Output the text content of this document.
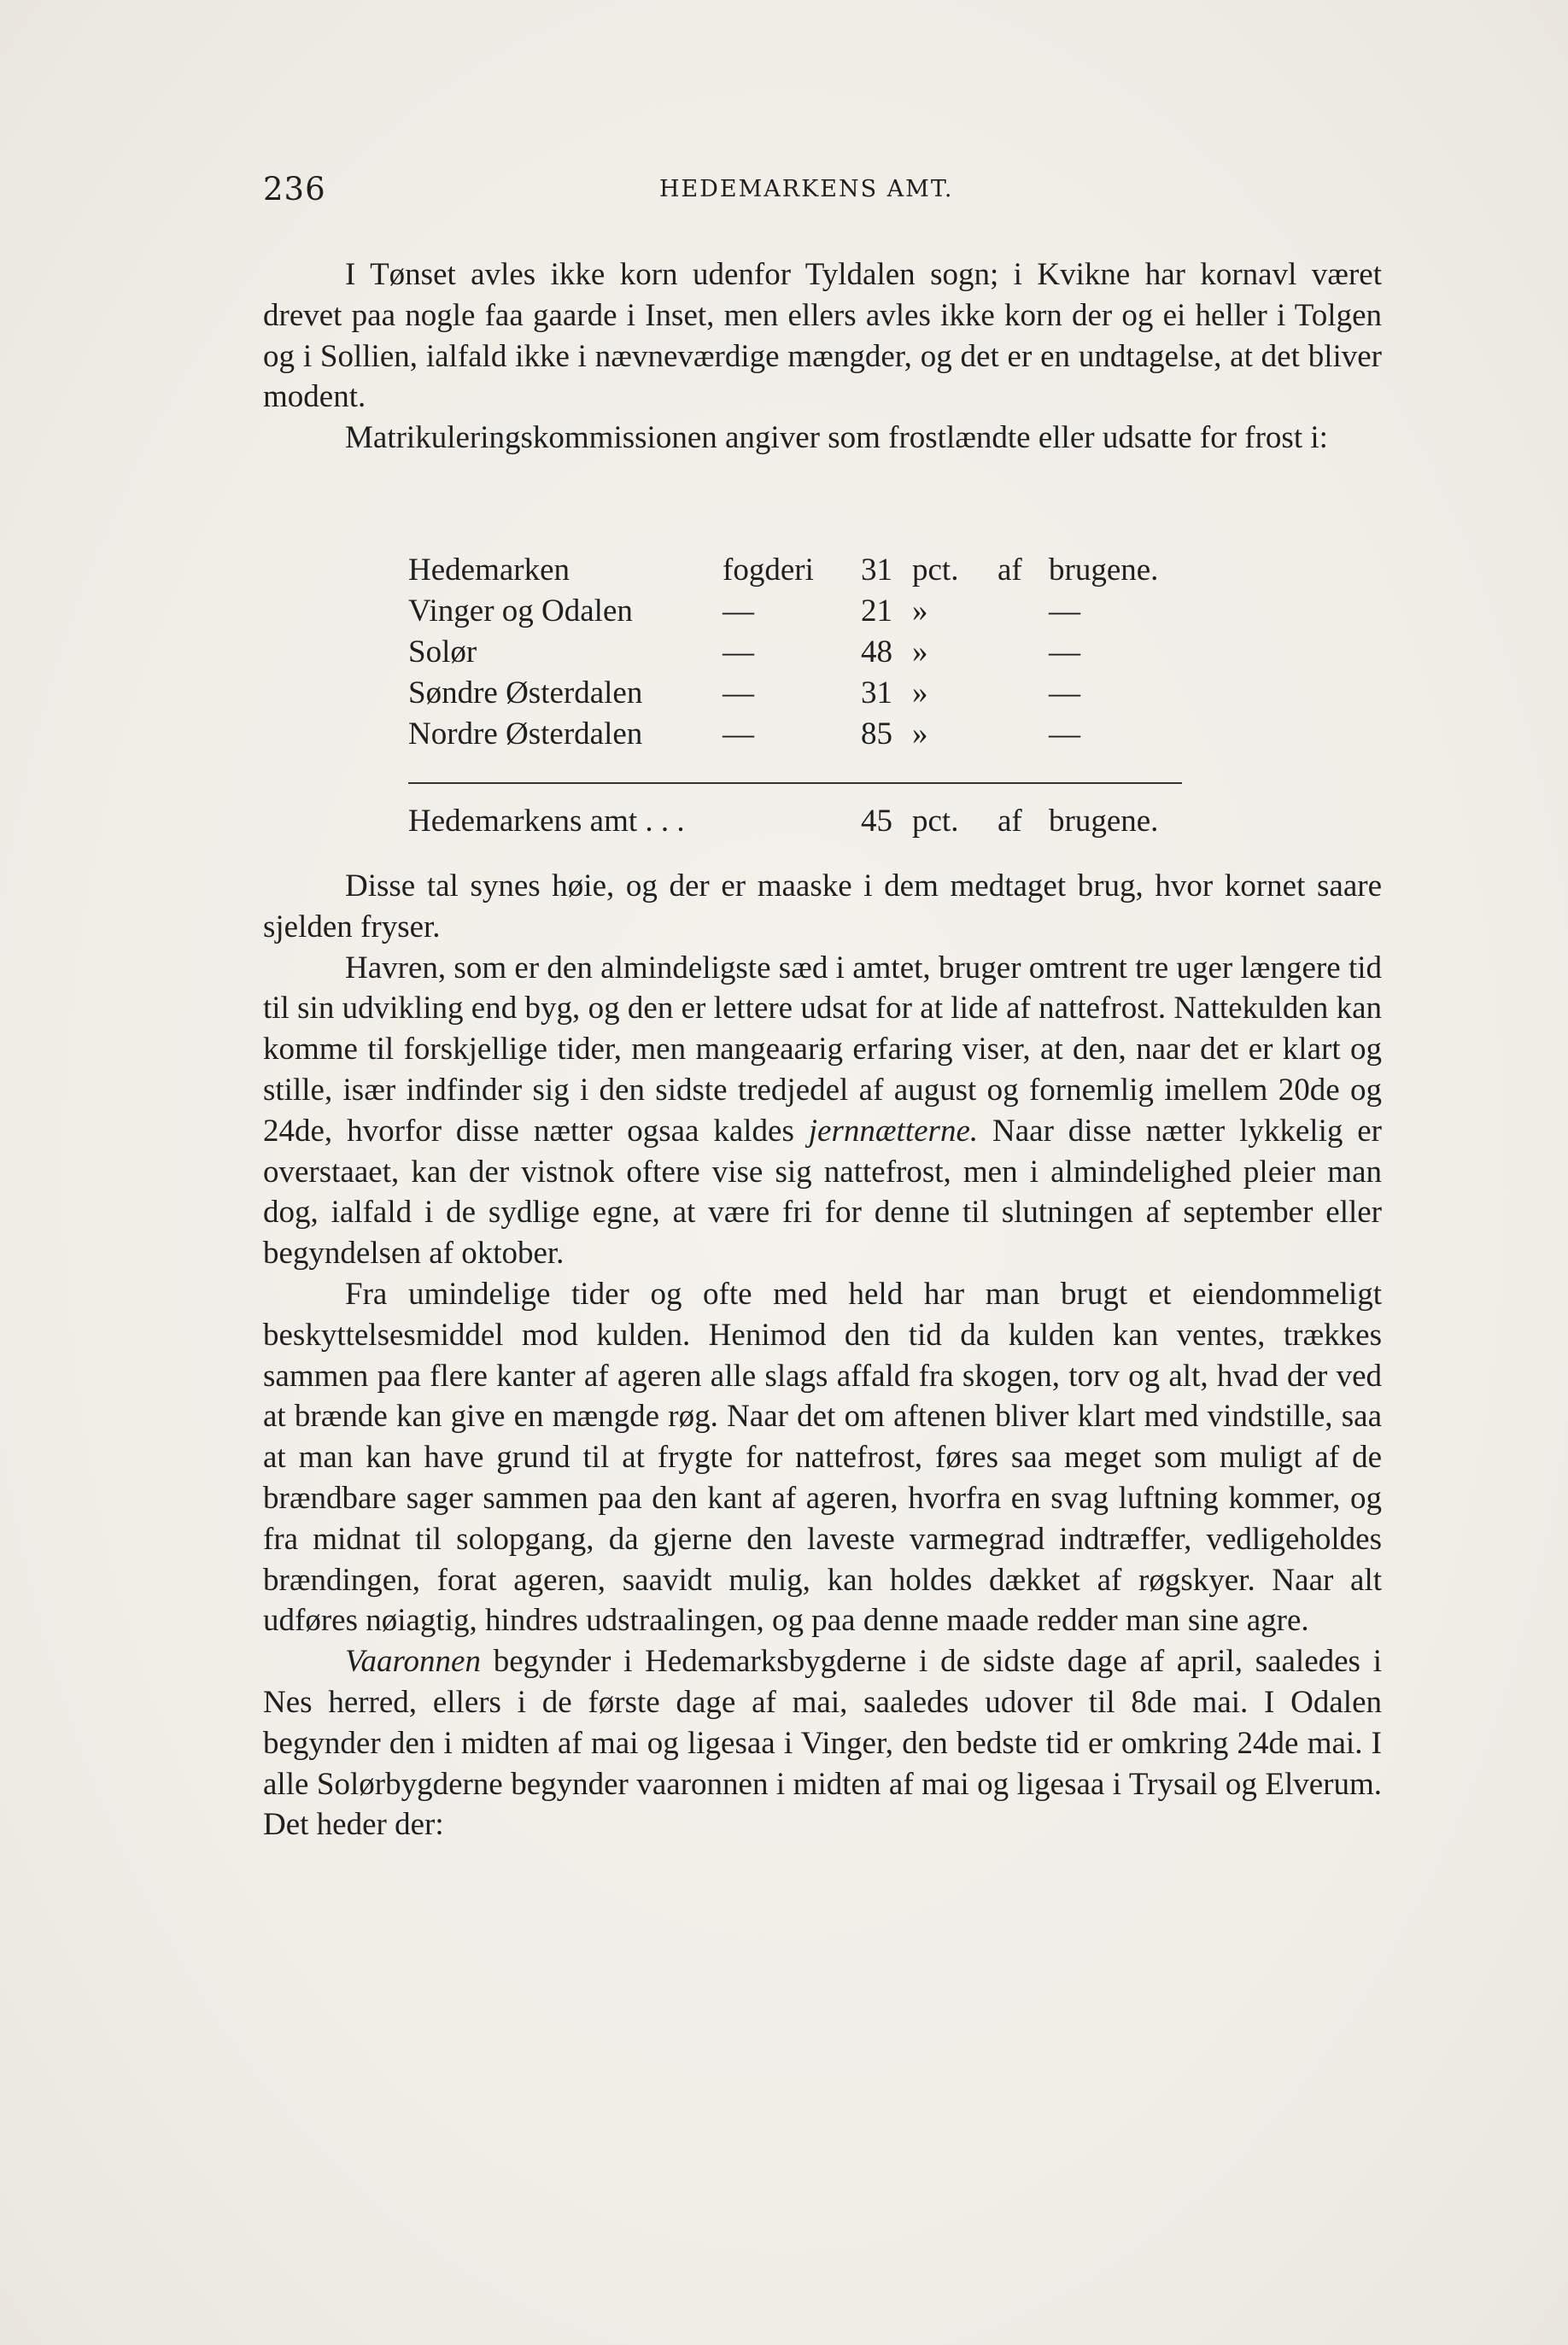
236	HEDEMARKENS AMT.

I Tønset avles ikke korn udenfor Tyldalen sogn; i Kvikne har kornavl været drevet paa nogle faa gaarde i Inset, men ellers avles ikke korn der og ei heller i Tolgen og i Sollien, ialfald ikke i nævneværdige mængder, og det er en undtagelse, at det bliver modent.

Matrikuleringskommissionen angiver som frostlændte eller udsatte for frost i:

Hedemarken	fogderi 31 pct. af brugene.
Vinger og Odalen	—	21 »	—
Solør	—	48 »	—
Søndre Østerdalen	—	31 »	—
Nordre Østerdalen	—	85 »	—
Hedemarkens amt . . .	45 pct. af brugene.

Disse tal synes høie, og der er maaske i dem medtaget brug, hvor kornet saare sjelden fryser.

Havren, som er den almindeligste sæd i amtet, bruger omtrent tre uger længere tid til sin udvikling end byg, og den er lettere udsat for at lide af nattefrost. Nattekulden kan komme til forskjellige tider, men mangeaarig erfaring viser, at den, naar det er klart og stille, især indfinder sig i den sidste tredjedel af august og fornemlig imellem 20de og 24de, hvorfor disse nætter ogsaa kaldes jernnætterne. Naar disse nætter lykkelig er overstaaet, kan der vistnok oftere vise sig nattefrost, men i almindelighed pleier man dog, ialfald i de sydlige egne, at være fri for denne til slutningen af september eller begyndelsen af oktober.

Fra umindelige tider og ofte med held har man brugt et eiendommeligt beskyttelsesmiddel mod kulden. Henimod den tid da kulden kan ventes, trækkes sammen paa flere kanter af ageren alle slags affald fra skogen, torv og alt, hvad der ved at brænde kan give en mængde røg. Naar det om aftenen bliver klart med vindstille, saa at man kan have grund til at frygte for nattefrost, føres saa meget som muligt af de brændbare sager sammen paa den kant af ageren, hvorfra en svag luftning kommer, og fra midnat til solopgang, da gjerne den laveste varmegrad indtræffer, vedligeholdes brændingen, forat ageren, saavidt mulig, kan holdes dækket af røgskyer. Naar alt udføres nøiagtig, hindres udstraalingen, og paa denne maade redder man sine agre.

Vaaronnen begynder i Hedemarksbygderne i de sidste dage af april, saaledes i Nes herred, ellers i de første dage af mai, saaledes udover til 8de mai. I Odalen begynder den i midten af mai og ligesaa i Vinger, den bedste tid er omkring 24de mai. I alle Solørbygderne begynder vaaronnen i midten af mai og ligesaa i Trysail og Elverum. Det heder der:
